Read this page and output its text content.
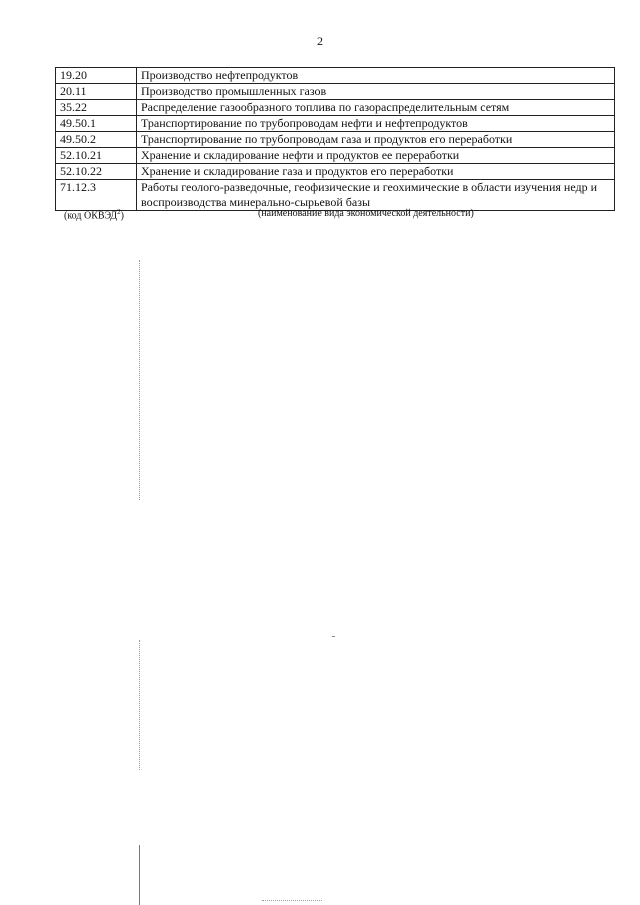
2
19.20	Производство нефтепродуктов
20.11	Производство промышленных газов
35.22	Распределение газообразного топлива по газораспределительным сетям
49.50.1	Транспортирование по трубопроводам нефти и нефтепродуктов
49.50.2	Транспортирование по трубопроводам газа и продуктов его переработки
52.10.21	Хранение и складирование нефти и продуктов ее переработки
52.10.22	Хранение и складирование газа и продуктов его переработки
71.12.3	Работы геолого-разведочные, геофизические и геохимические в области изучения недр и воспроизводства минерально-сырьевой базы
(код ОКВЭД$^2$)	(наименование вида экономической деятельности)
